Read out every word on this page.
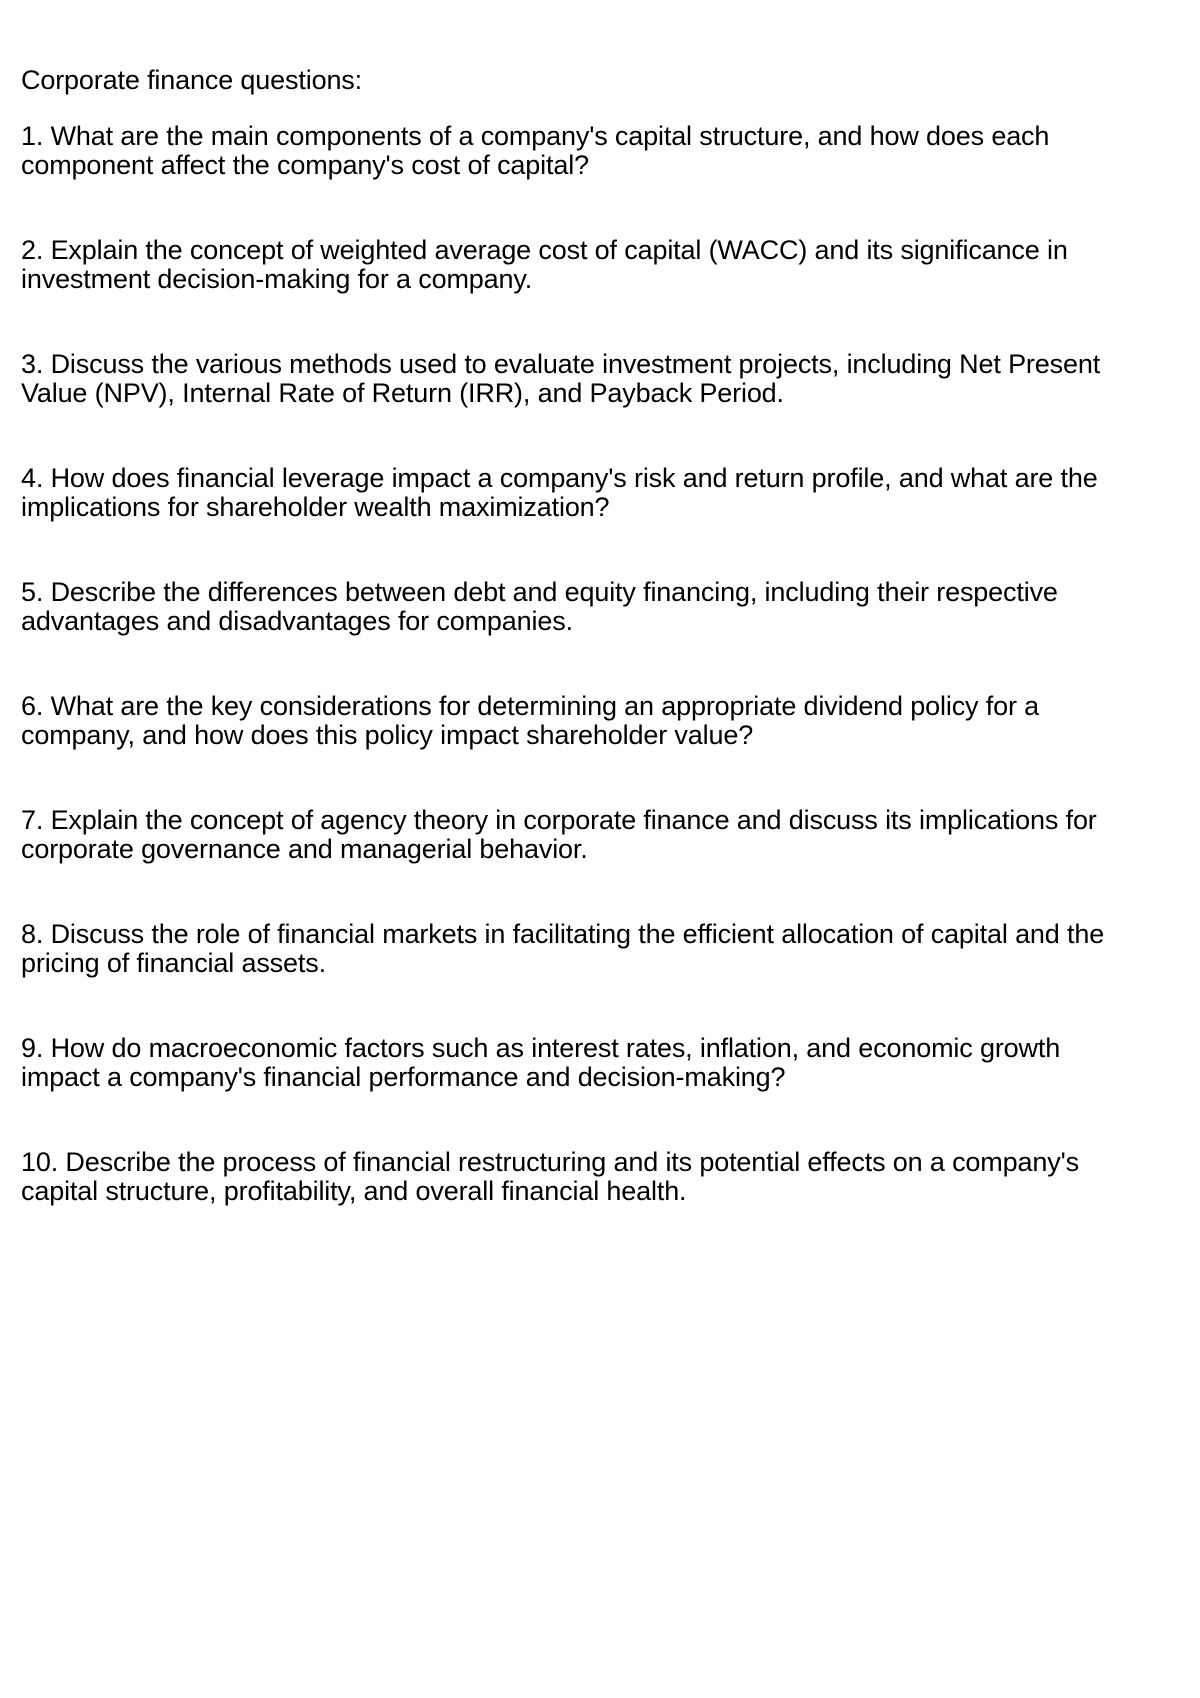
Corporate finance questions:
1. What are the main components of a company's capital structure, and how does each
component affect the company's cost of capital?
2. Explain the concept of weighted average cost of capital (WACC) and its significance in
investment decision-making for a company.
3. Discuss the various methods used to evaluate investment projects, including Net Present
Value (NPV), Internal Rate of Return (IRR), and Payback Period.
4. How does financial leverage impact a company's risk and return profile, and what are the
implications for shareholder wealth maximization?
5. Describe the differences between debt and equity financing, including their respective
advantages and disadvantages for companies.
6. What are the key considerations for determining an appropriate dividend policy for a
company, and how does this policy impact shareholder value?
7. Explain the concept of agency theory in corporate finance and discuss its implications for
corporate governance and managerial behavior.
8. Discuss the role of financial markets in facilitating the efficient allocation of capital and the
pricing of financial assets.
9. How do macroeconomic factors such as interest rates, inflation, and economic growth
impact a company's financial performance and decision-making?
10. Describe the process of financial restructuring and its potential effects on a company's
capital structure, profitability, and overall financial health.
